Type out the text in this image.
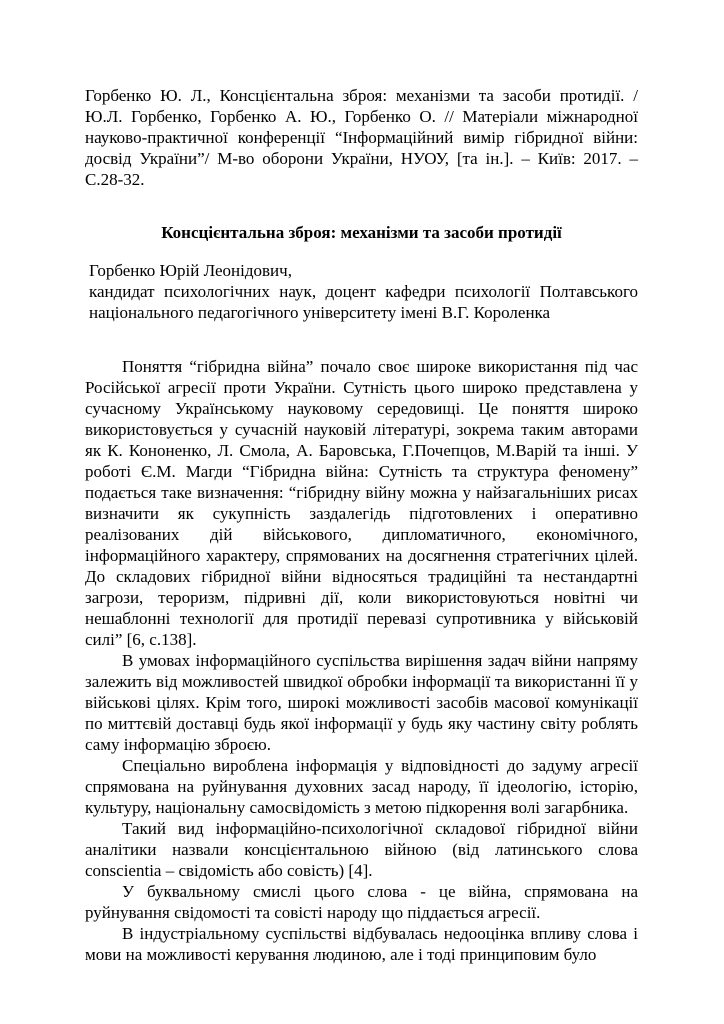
Горбенко Ю. Л., Консцієнтальна зброя: механізми та засоби протидії. / Ю.Л. Горбенко, Горбенко А. Ю., Горбенко О. // Матеріали міжнародної науково-практичної конференції “Інформаційний вимір гібридної війни: досвід України”/ М-во оборони України, НУОУ, [та ін.]. – Київ: 2017. – С.28-32.

Консцієнтальна зброя: механізми та засоби протидії

Горбенко Юрій Леонідович,

кандидат психологічних наук, доцент кафедри психології Полтавського національного педагогічного університету імені В.Г. Короленка

Поняття “гібридна війна” почало своє широке використання під час Російської агресії проти України. Сутність цього широко представлена у сучасному Українському науковому середовищі. Це поняття широко використовується у сучасній науковій літературі, зокрема таким авторами як К. Кононенко, Л. Смола, А. Баровська, Г.Почепцов, М.Варій та інші. У роботі Є.М. Магди “Гібридна війна: Сутність та структура феномену” подається таке визначення: “гібридну війну можна у найзагальніших рисах визначити як сукупність заздалегідь підготовлених і оперативно реалізованих дій військового, дипломатичного, економічного, інформаційного характеру, спрямованих на досягнення стратегічних цілей. До складових гібридної війни відносяться традиційні та нестандартні загрози, тероризм, підривні дії, коли використовуються новітні чи нешаблонні технології для протидії перевазі супротивника у військовій силі” [6, с.138].

В умовах інформаційного суспільства вирішення задач війни напряму залежить від можливостей швидкої обробки інформації та використанні її у військові цілях. Крім того, широкі можливості засобів масової комунікації по миттєвій доставці будь якої інформації у будь яку частину світу роблять саму інформацію зброєю.

Спеціально вироблена інформація у відповідності до задуму агресії спрямована на руйнування духовних засад народу, її ідеологію, історію, культуру, національну самосвідомість з метою підкорення волі загарбника.

Такий вид інформаційно-психологічної складової гібридної війни аналітики назвали консцієнтальною війною (від латинського слова conscientia – свідомість або совість) [4].

У буквальному смислі цього слова - це війна, спрямована на руйнування свідомості та совісті народу що піддається агресії.

В індустріальному суспільстві відбувалась недооцінка впливу слова і мови на можливості керування людиною, але і тоді принциповим було
